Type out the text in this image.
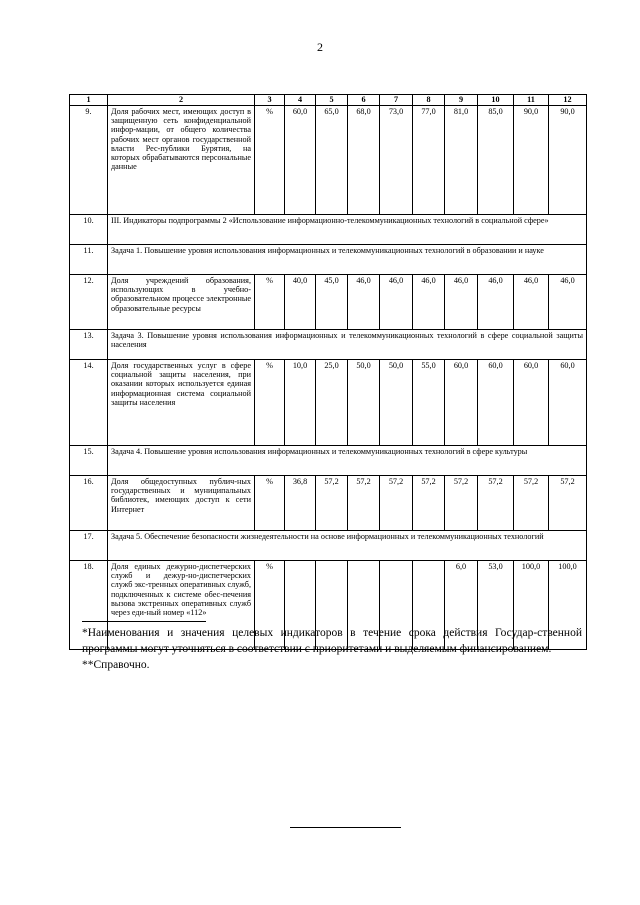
2
1	2	3	4	5	6	7	8	9	10	11	12
9.	Доля рабочих мест, имеющих доступ в защищенную сеть конфиденциальной инфор-мации, от общего количества рабочих мест органов государственной власти Рес-публики Бурятия, на которых обрабатываются персональные данные	%	60,0	65,0	68,0	73,0	77,0	81,0	85,0	90,0	90,0
10.	III. Индикаторы подпрограммы 2 «Использование информационно-телекоммуникационных технологий в социальной сфере»										
11.	Задача 1. Повышение уровня использования информационных и телекоммуникационных технологий в образовании и науке										
12.	Доля учреждений образования, использующих в учебно-образовательном процессе электронные образовательные ресурсы	%	40,0	45,0	46,0	46,0	46,0	46,0	46,0	46,0	46,0
13.	Задача 3. Повышение уровня использования информационных и телекоммуникационных технологий в сфере социальной защиты населения										
14.	Доля государственных услуг в сфере социальной защиты населения, при оказании которых используется единая информационная система социальной защиты населения	%	10,0	25,0	50,0	50,0	55,0	60,0	60,0	60,0	60,0
15.	Задача 4. Повышение уровня использования информационных и телекоммуникационных технологий в сфере культуры										
16.	Доля общедоступных публич-ных государственных и муниципальных библиотек, имеющих доступ к сети Интернет	%	36,8	57,2	57,2	57,2	57,2	57,2	57,2	57,2	57,2
17.	Задача 5. Обеспечение безопасности жизнедеятельности на основе информационных и телекоммуникационных технологий										
18.	Доля единых дежурно-диспетчерских служб и дежур-но-диспетчерских служб экс-тренных оперативных служб, подключенных к системе обес-печения вызова экстренных оперативных служб через еди-ный номер «112»	%						6,0	53,0	100,0	100,0

*Наименования и значения целевых индикаторов в течение срока действия Государ-ственной программы могут уточняться в соответствии с приоритетами и выделяемым финансированием.

**Справочно.
